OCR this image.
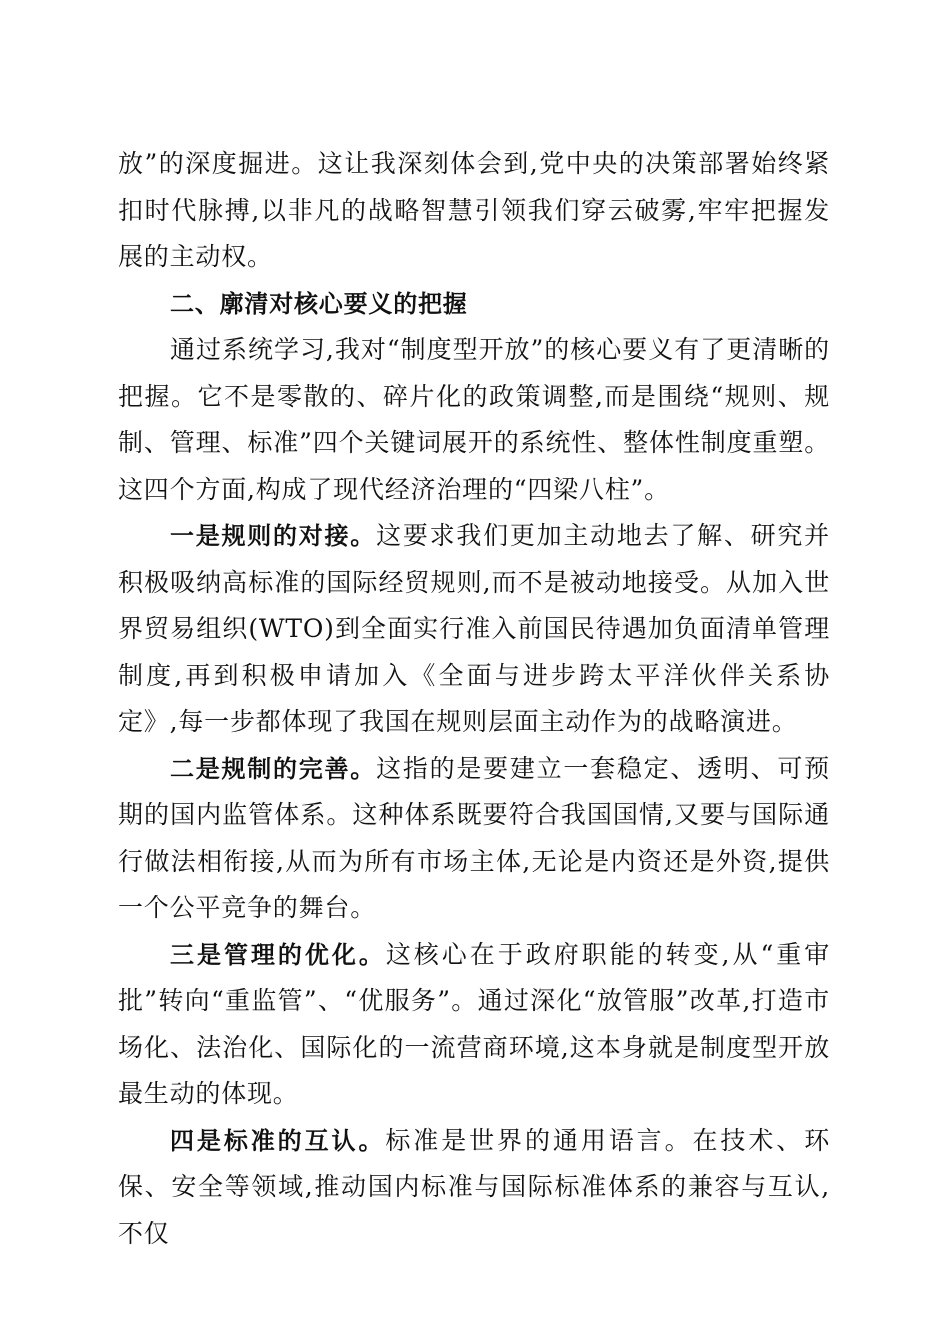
放”的深度掘进。这让我深刻体会到,党中央的决策部署始终紧扣时代脉搏,以非凡的战略智慧引领我们穿云破雾,牢牢把握发展的主动权。

二、廓清对核心要义的把握

通过系统学习,我对“制度型开放”的核心要义有了更清晰的把握。它不是零散的、碎片化的政策调整,而是围绕“规则、规制、管理、标准”四个关键词展开的系统性、整体性制度重塑。这四个方面,构成了现代经济治理的“四梁八柱”。

一是规则的对接。这要求我们更加主动地去了解、研究并积极吸纳高标准的国际经贸规则,而不是被动地接受。从加入世界贸易组织(WTO)到全面实行准入前国民待遇加负面清单管理制度,再到积极申请加入《全面与进步跨太平洋伙伴关系协定》,每一步都体现了我国在规则层面主动作为的战略演进。

二是规制的完善。这指的是要建立一套稳定、透明、可预期的国内监管体系。这种体系既要符合我国国情,又要与国际通行做法相衔接,从而为所有市场主体,无论是内资还是外资,提供一个公平竞争的舞台。

三是管理的优化。这核心在于政府职能的转变,从“重审批”转向“重监管”、“优服务”。通过深化“放管服”改革,打造市场化、法治化、国际化的一流营商环境,这本身就是制度型开放最生动的体现。

四是标准的互认。标准是世界的通用语言。在技术、环保、安全等领域,推动国内标准与国际标准体系的兼容与互认,不仅
